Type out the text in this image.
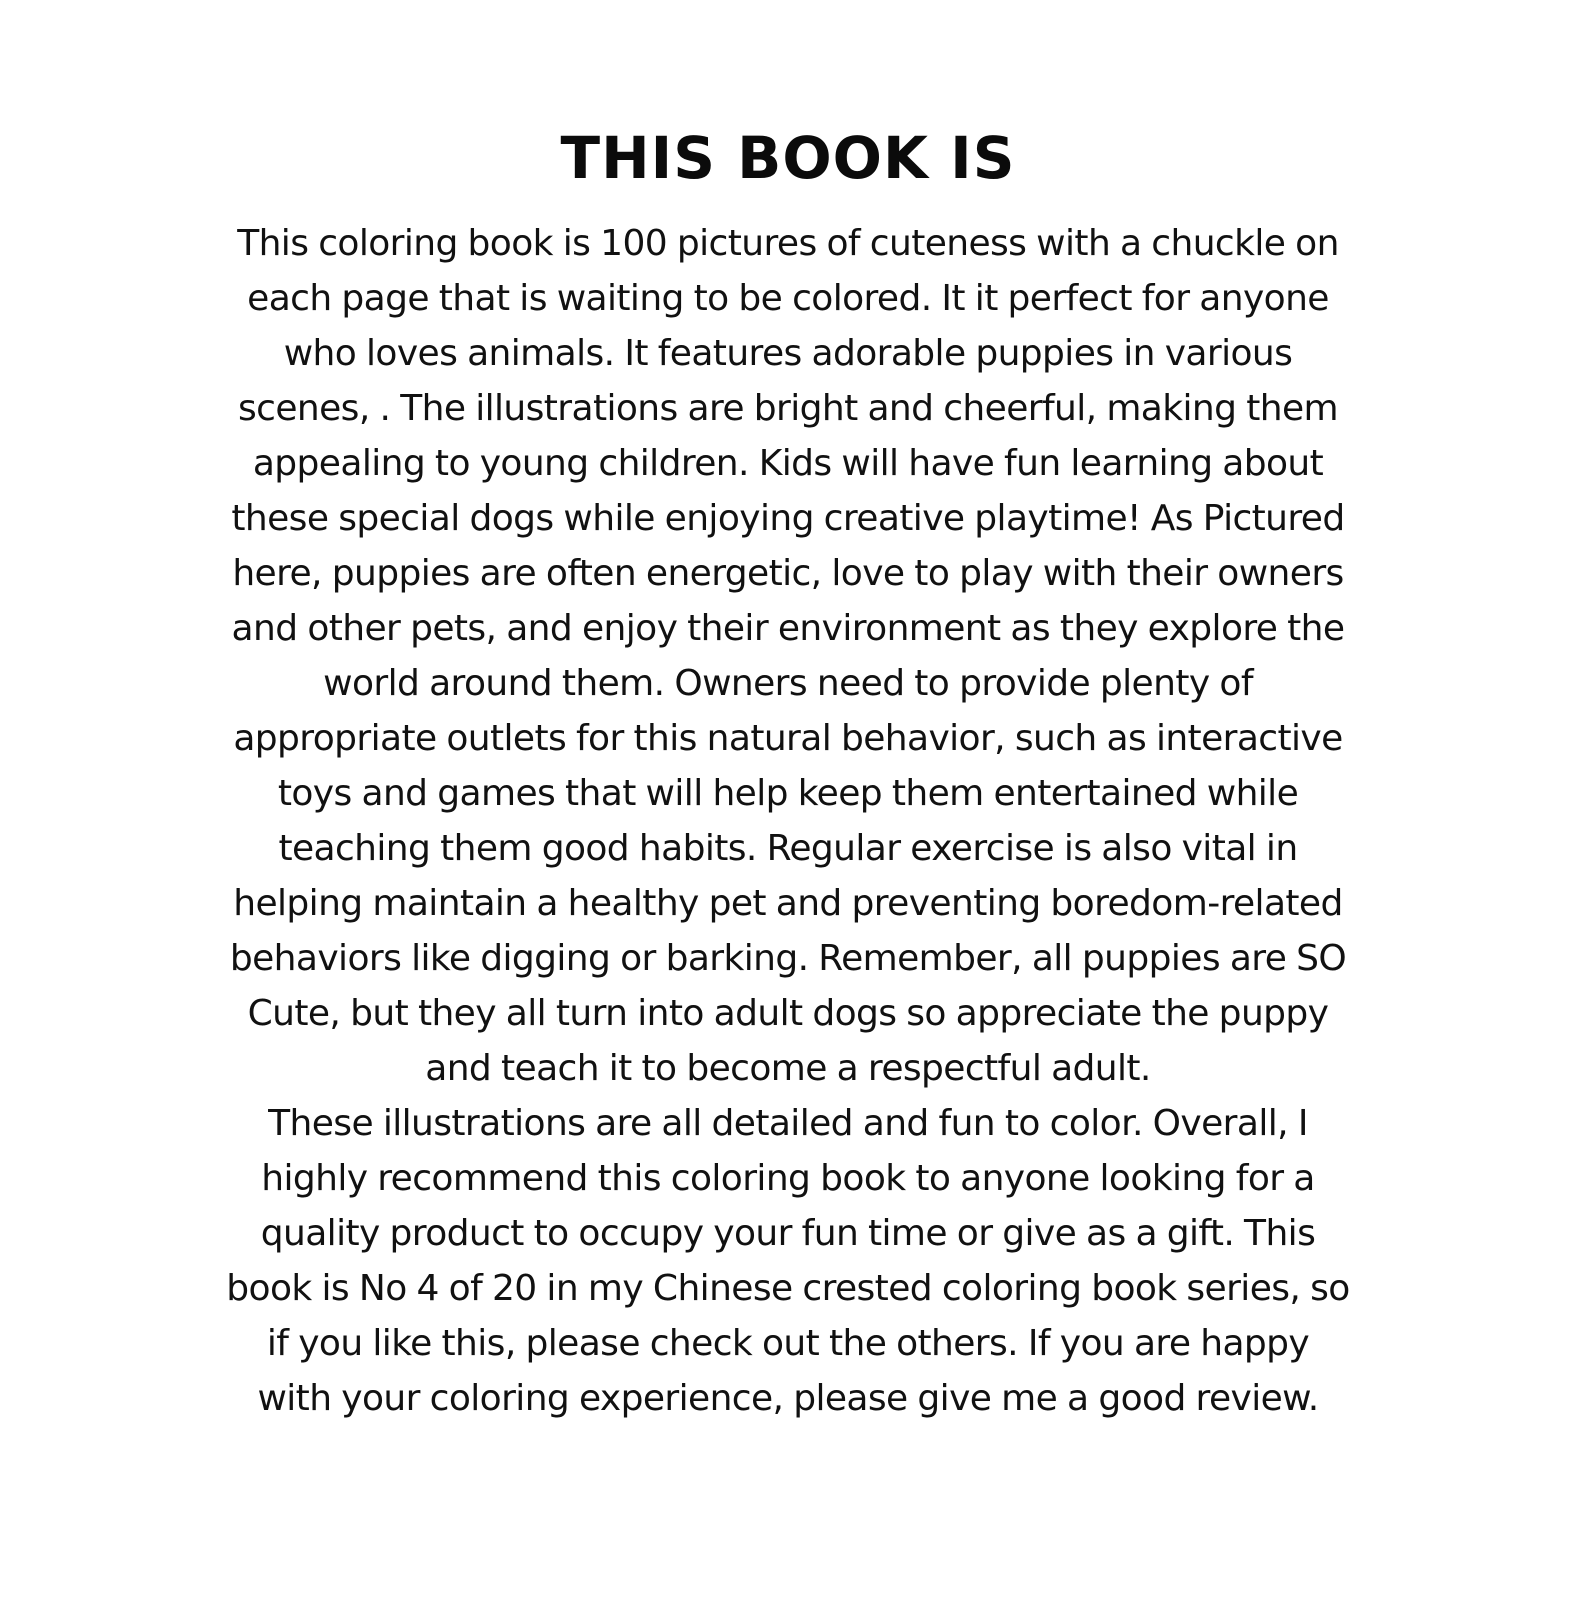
THIS BOOK IS

This coloring book is 100 pictures of cuteness with a chuckle on
each page that is waiting to be colored. It it perfect for anyone
who loves animals. It features adorable puppies in various
scenes, . The illustrations are bright and cheerful, making them
appealing to young children. Kids will have fun learning about
these special dogs while enjoying creative playtime! As Pictured
here, puppies are often energetic, love to play with their owners
and other pets, and enjoy their environment as they explore the
world around them. Owners need to provide plenty of
appropriate outlets for this natural behavior, such as interactive
toys and games that will help keep them entertained while
teaching them good habits. Regular exercise is also vital in
helping maintain a healthy pet and preventing boredom-related
behaviors like digging or barking. Remember, all puppies are SO
Cute, but they all turn into adult dogs so appreciate the puppy
and teach it to become a respectful adult.

These illustrations are all detailed and fun to color. Overall, I
highly recommend this coloring book to anyone looking for a
quality product to occupy your fun time or give as a gift. This
book is No 4 of 20 in my Chinese crested coloring book series, so
if you like this, please check out the others. If you are happy
with your coloring experience, please give me a good review.
